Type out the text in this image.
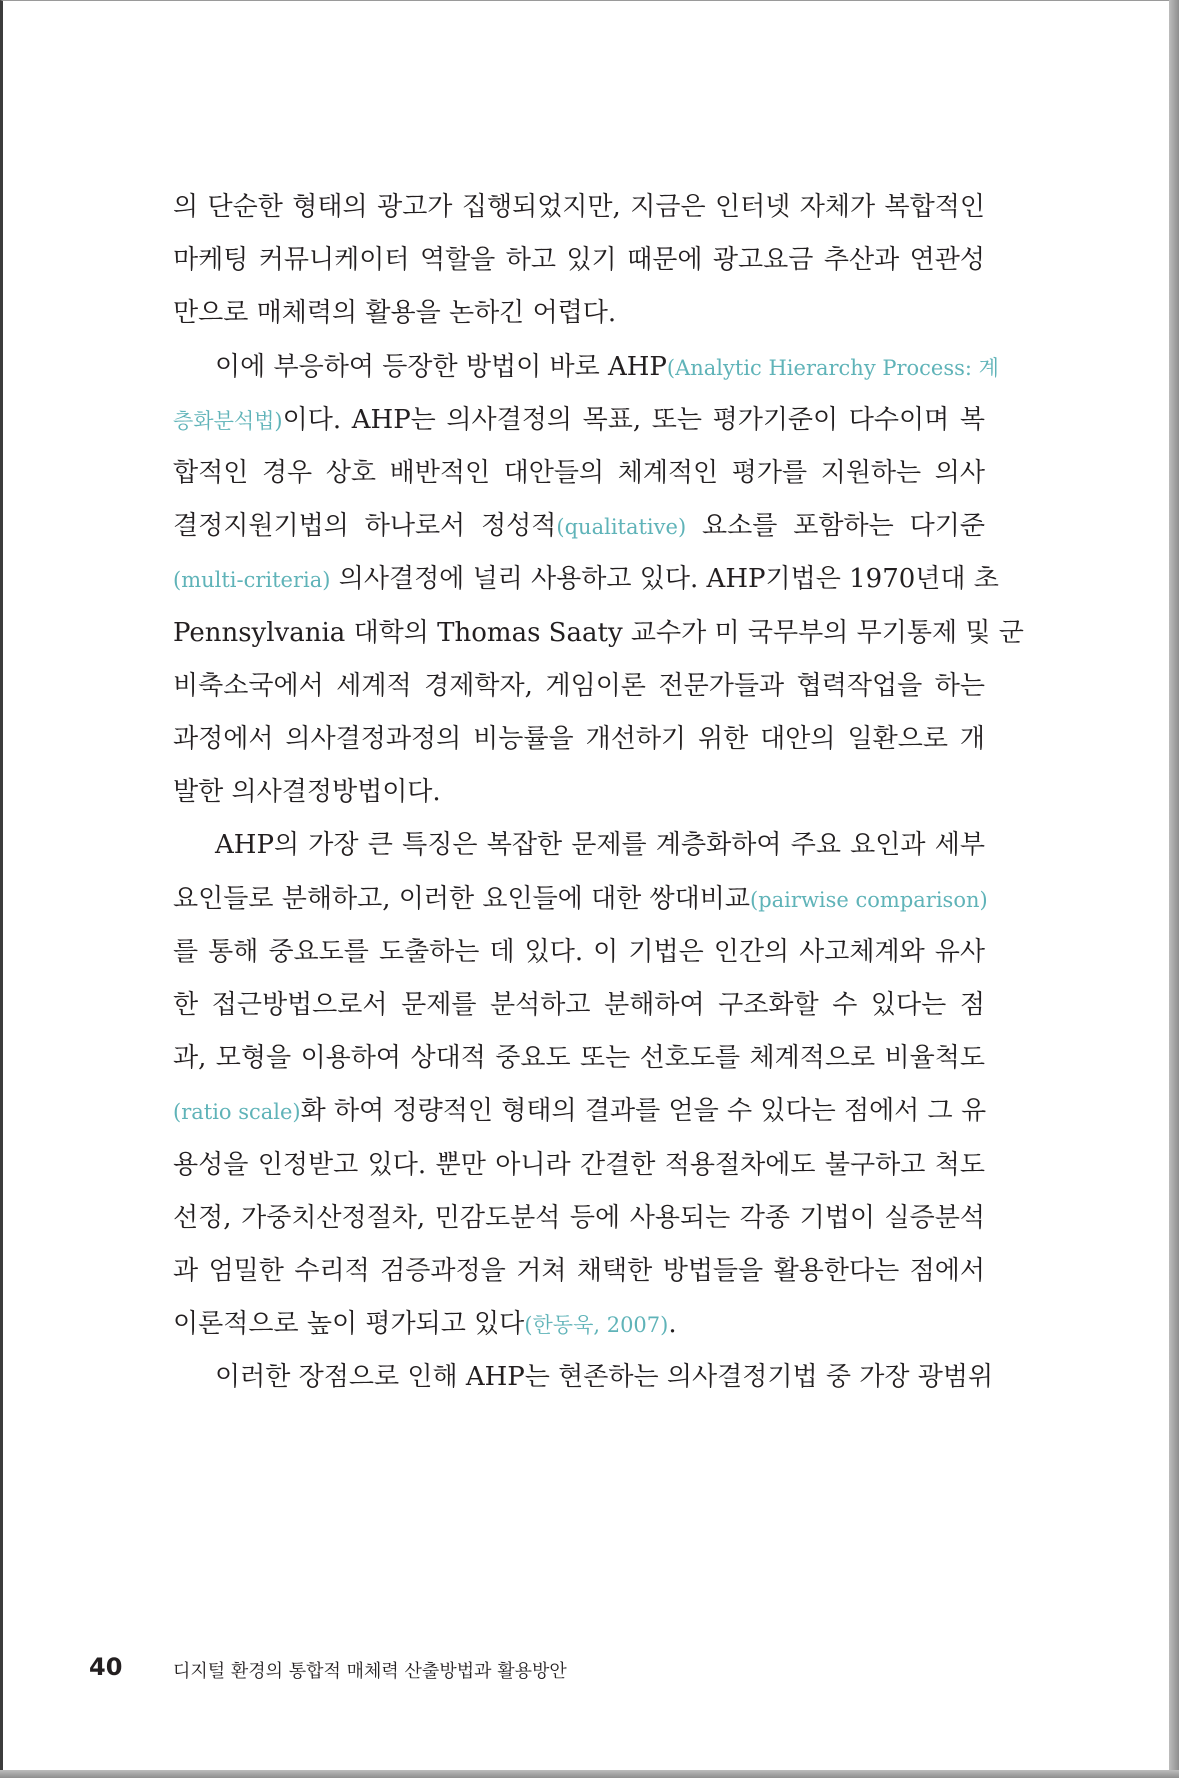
의 단순한 형태의 광고가 집행되었지만, 지금은 인터넷 자체가 복합적인
마케팅 커뮤니케이터 역할을 하고 있기 때문에 광고요금 추산과 연관성
만으로 매체력의 활용을 논하긴 어렵다.
이에 부응하여 등장한 방법이 바로 AHP(Analytic Hierarchy Process: 계
층화분석법)이다. AHP는 의사결정의 목표, 또는 평가기준이 다수이며 복
합적인 경우 상호 배반적인 대안들의 체계적인 평가를 지원하는 의사
결정지원기법의 하나로서 정성적(qualitative) 요소를 포함하는 다기준
(multi-criteria) 의사결정에 널리 사용하고 있다. AHP기법은 1970년대 초
Pennsylvania 대학의 Thomas Saaty 교수가 미 국무부의 무기통제 및 군
비축소국에서 세계적 경제학자, 게임이론 전문가들과 협력작업을 하는
과정에서 의사결정과정의 비능률을 개선하기 위한 대안의 일환으로 개
발한 의사결정방법이다.
AHP의 가장 큰 특징은 복잡한 문제를 계층화하여 주요 요인과 세부
요인들로 분해하고, 이러한 요인들에 대한 쌍대비교(pairwise comparison)
를 통해 중요도를 도출하는 데 있다. 이 기법은 인간의 사고체계와 유사
한 접근방법으로서 문제를 분석하고 분해하여 구조화할 수 있다는 점
과, 모형을 이용하여 상대적 중요도 또는 선호도를 체계적으로 비율척도
(ratio scale)화 하여 정량적인 형태의 결과를 얻을 수 있다는 점에서 그 유
용성을 인정받고 있다. 뿐만 아니라 간결한 적용절차에도 불구하고 척도
선정, 가중치산정절차, 민감도분석 등에 사용되는 각종 기법이 실증분석
과 엄밀한 수리적 검증과정을 거쳐 채택한 방법들을 활용한다는 점에서
이론적으로 높이 평가되고 있다(한동욱, 2007).
이러한 장점으로 인해 AHP는 현존하는 의사결정기법 중 가장 광범위
40	디지털 환경의 통합적 매체력 산출방법과 활용방안
